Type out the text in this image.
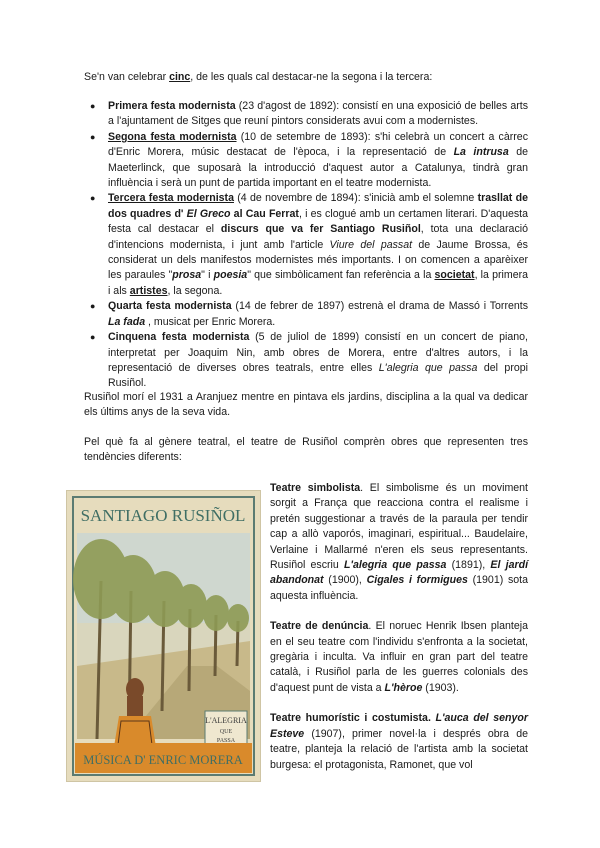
Se'n van celebrar cinc, de les quals cal destacar-ne la segona i la tercera:
● Primera festa modernista (23 d'agost de 1892): consistí en una exposició de belles arts a l'ajuntament de Sitges que reuní pintors considerats avui com a modernistes.
● Segona festa modernista (10 de setembre de 1893): s'hi celebrà un concert a càrrec d'Enric Morera, músic destacat de l'època, i la representació de La intrusa de Maeterlinck, que suposarà la introducció d'aquest autor a Catalunya, tindrà gran influència i serà un punt de partida important en el teatre modernista.
● Tercera festa modernista (4 de novembre de 1894): s'inicià amb el solemne trasllat de dos quadres d' El Greco al Cau Ferrat, i es clogué amb un certamen literari. D'aquesta festa cal destacar el discurs que va fer Santiago Rusiñol, tota una declaració d'intencions modernista, i junt amb l'article Viure del passat de Jaume Brossa, és considerat un dels manifestos modernistes més importants. I on comencen a aparèixer les paraules "prosa" i poesia" que simbòlicament fan referència a la societat, la primera i als artistes, la segona.
● Quarta festa modernista (14 de febrer de 1897) estrenà el drama de Massó i Torrents La fada , musicat per Enric Morera.
● Cinquena festa modernista (5 de juliol de 1899) consistí en un concert de piano, interpretat per Joaquim Nin, amb obres de Morera, entre d'altres autors, i la representació de diverses obres teatrals, entre elles L'alegria que passa del propi Rusiñol.
Rusiñol morí el 1931 a Aranjuez mentre en pintava els jardins, disciplina a la qual va dedicar els últims anys de la seva vida.
Pel què fa al gènere teatral, el teatre de Rusiñol comprèn obres que representen tres tendències diferents:
SANTIAGO RUSIÑOL
L'ALEGRIA
QUE
PASSA
MÚSICA D' ENRIC MORERA

Teatre simbolista. El simbolisme és un moviment sorgit a França que reacciona contra el realisme i pretén suggestionar a través de la paraula per tendir cap a allò vaporós, imaginari, espiritual... Baudelaire, Verlaine i Mallarmé n'eren els seus representants. Rusiñol escriu L'alegria que passa (1891), El jardí abandonat (1900), Cigales i formigues (1901) sota aquesta influència.

Teatre de denúncia. El noruec Henrik Ibsen planteja en el seu teatre com l'individu s'enfronta a la societat, gregària i inculta. Va influir en gran part del teatre català, i Rusiñol parla de les guerres colonials des d'aquest punt de vista a L'hèroe (1903).

Teatre humorístic i costumista. L'auca del senyor Esteve (1907), primer novel·la i després obra de teatre, planteja la relació de l'artista amb la societat burgesa: el protagonista, Ramonet, que vol
